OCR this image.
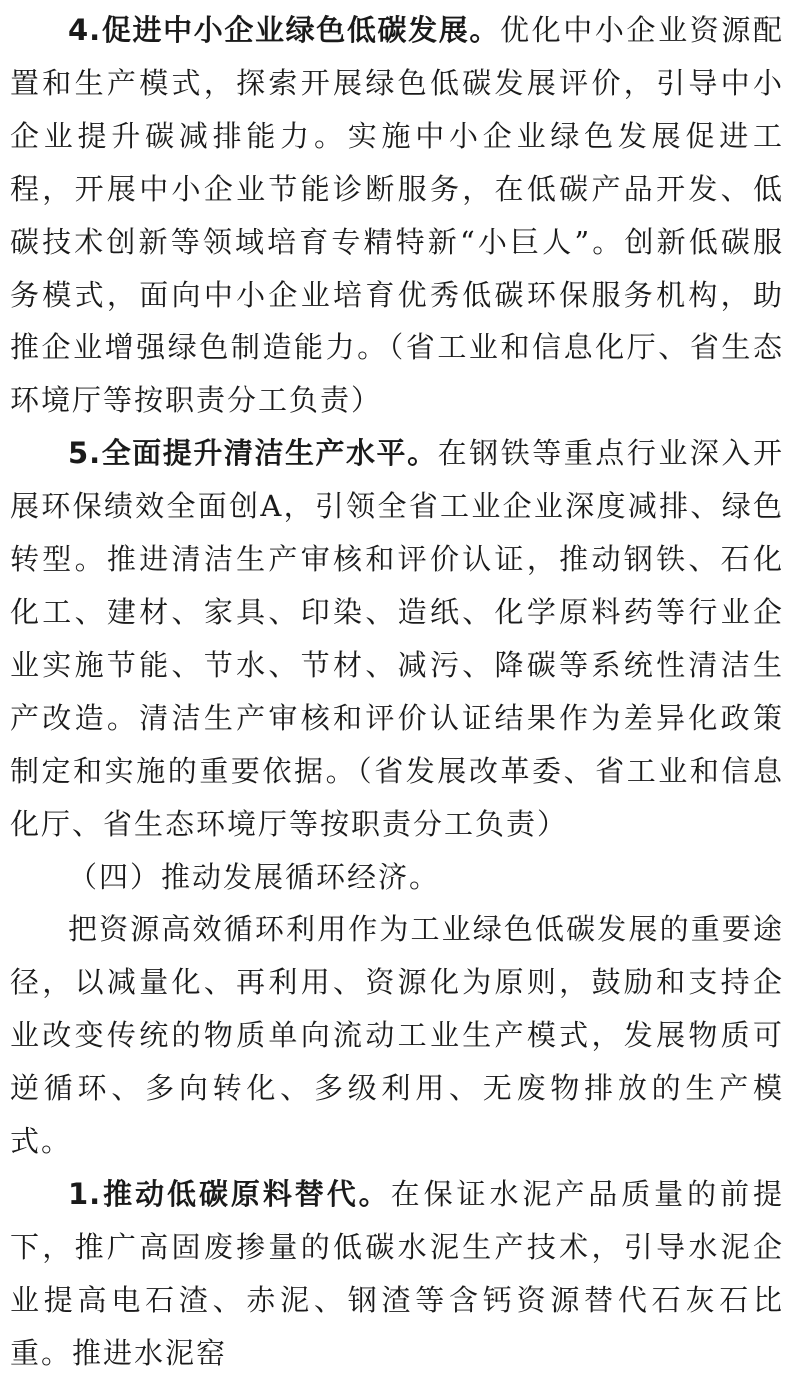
4.促进中小企业绿色低碳发展。优化中小企业资源配置和生产模式，探索开展绿色低碳发展评价，引导中小企业提升碳减排能力。实施中小企业绿色发展促进工程，开展中小企业节能诊断服务，在低碳产品开发、低碳技术创新等领域培育专精特新“小巨人”。创新低碳服务模式，面向中小企业培育优秀低碳环保服务机构，助推企业增强绿色制造能力。（省工业和信息化厅、省生态环境厅等按职责分工负责）

5.全面提升清洁生产水平。在钢铁等重点行业深入开展环保绩效全面创A，引领全省工业企业深度减排、绿色转型。推进清洁生产审核和评价认证，推动钢铁、石化化工、建材、家具、印染、造纸、化学原料药等行业企业实施节能、节水、节材、减污、降碳等系统性清洁生产改造。清洁生产审核和评价认证结果作为差异化政策制定和实施的重要依据。（省发展改革委、省工业和信息化厅、省生态环境厅等按职责分工负责）

（四）推动发展循环经济。

把资源高效循环利用作为工业绿色低碳发展的重要途径，以减量化、再利用、资源化为原则，鼓励和支持企业改变传统的物质单向流动工业生产模式，发展物质可逆循环、多向转化、多级利用、无废物排放的生产模式。

1.推动低碳原料替代。在保证水泥产品质量的前提下，推广高固废掺量的低碳水泥生产技术，引导水泥企业提高电石渣、赤泥、钢渣等含钙资源替代石灰石比重。推进水泥窑
